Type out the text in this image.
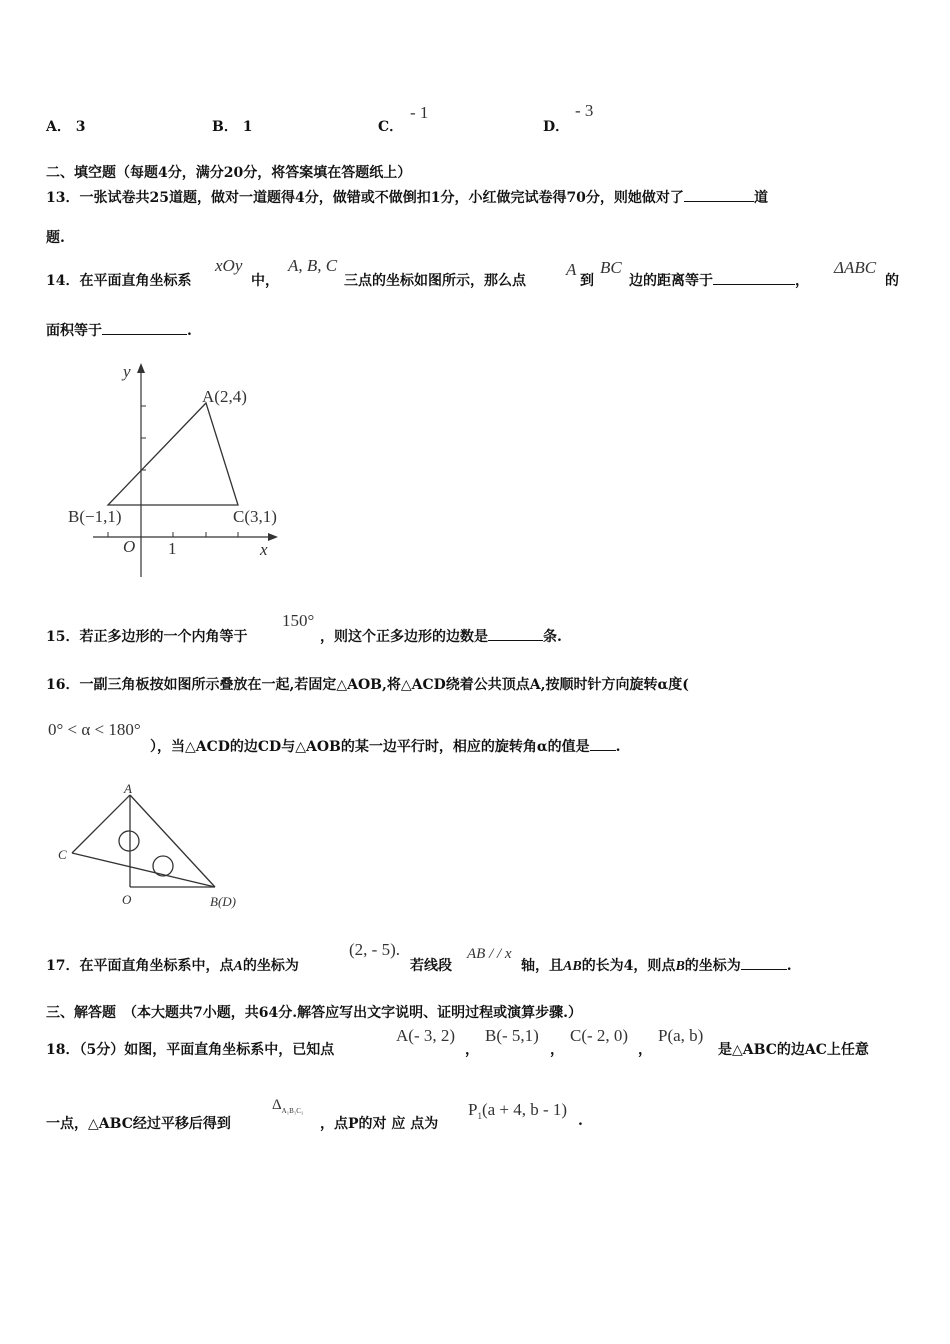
A． 3	B． 1	C．
- 1
D．
- 3
二、填空题（每题4分，满分20分，将答案填在答题纸上）
13．一张试卷共25道题，做对一道题得4分，做错或不做倒扣1分，小红做完试卷得70分，则她做对了	道
题.
14．在平面直角坐标系
xOy
中，
A, B, C
三点的坐标如图所示，那么点
A
到
BC
边的距离等于	，
ΔABC
的
面积等于	.
y
x
O 1
A(2,4)
B(−1,1)	C(3,1)
15．若正多边形的一个内角等于
150°
，则这个正多边形的边数是	条.
16．一副三角板按如图所示叠放在一起,若固定△AOB,将△ACD绕着公共顶点A,按顺时针方向旋转α度(
0° < α < 180°
），当△ACD的边CD与△AOB的某一边平行时，相应的旋转角α的值是 .
A
C
O	B(D)
17．在平面直角坐标系中，点A的坐标为
(2, - 5).
若线段
AB / / x
轴，且AB的长为4，则点B的坐标为	.
三、解答题　（本大题共7小题，共64分.解答应写出文字说明、证明过程或演算步骤.）
18．（5分）如图，平面直角坐标系中，已知点
A(- 3, 2)
，
B(- 5,1)
，
C(- 2, 0)
，
P(a, b)
是△ABC的边AC上任意
一点，△ABC经过平移后得到
$\Delta_{A_1B_1C_1}$
，点P的对 应 点为
$P_1(a + 4$, b - 1)
.
